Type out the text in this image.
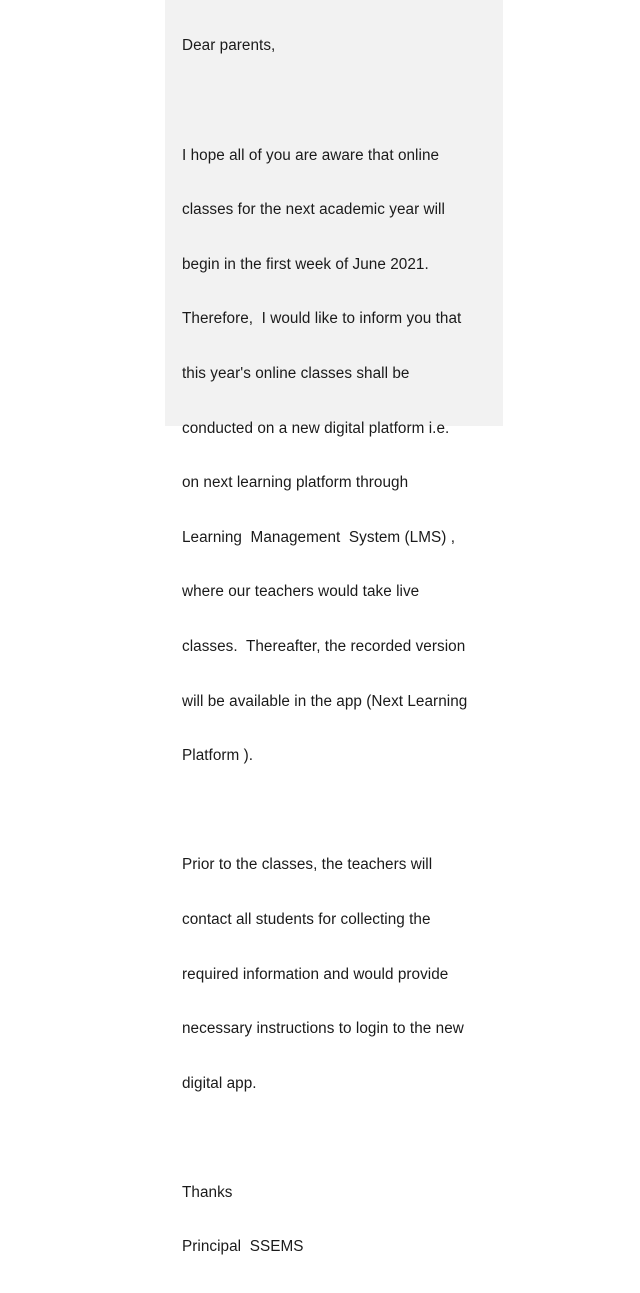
Dear parents,

I hope all of you are aware that online

classes for the next academic year will

begin in the first week of June 2021.

Therefore,  I would like to inform you that

this year's online classes shall be

conducted on a new digital platform i.e.

on next learning platform through

Learning  Management  System (LMS) ,

where our teachers would take live

classes.  Thereafter, the recorded version

will be available in the app (Next Learning

Platform ).

Prior to the classes, the teachers will

contact all students for collecting the

required information and would provide

necessary instructions to login to the new

digital app.

Thanks

Principal  SSEMS
